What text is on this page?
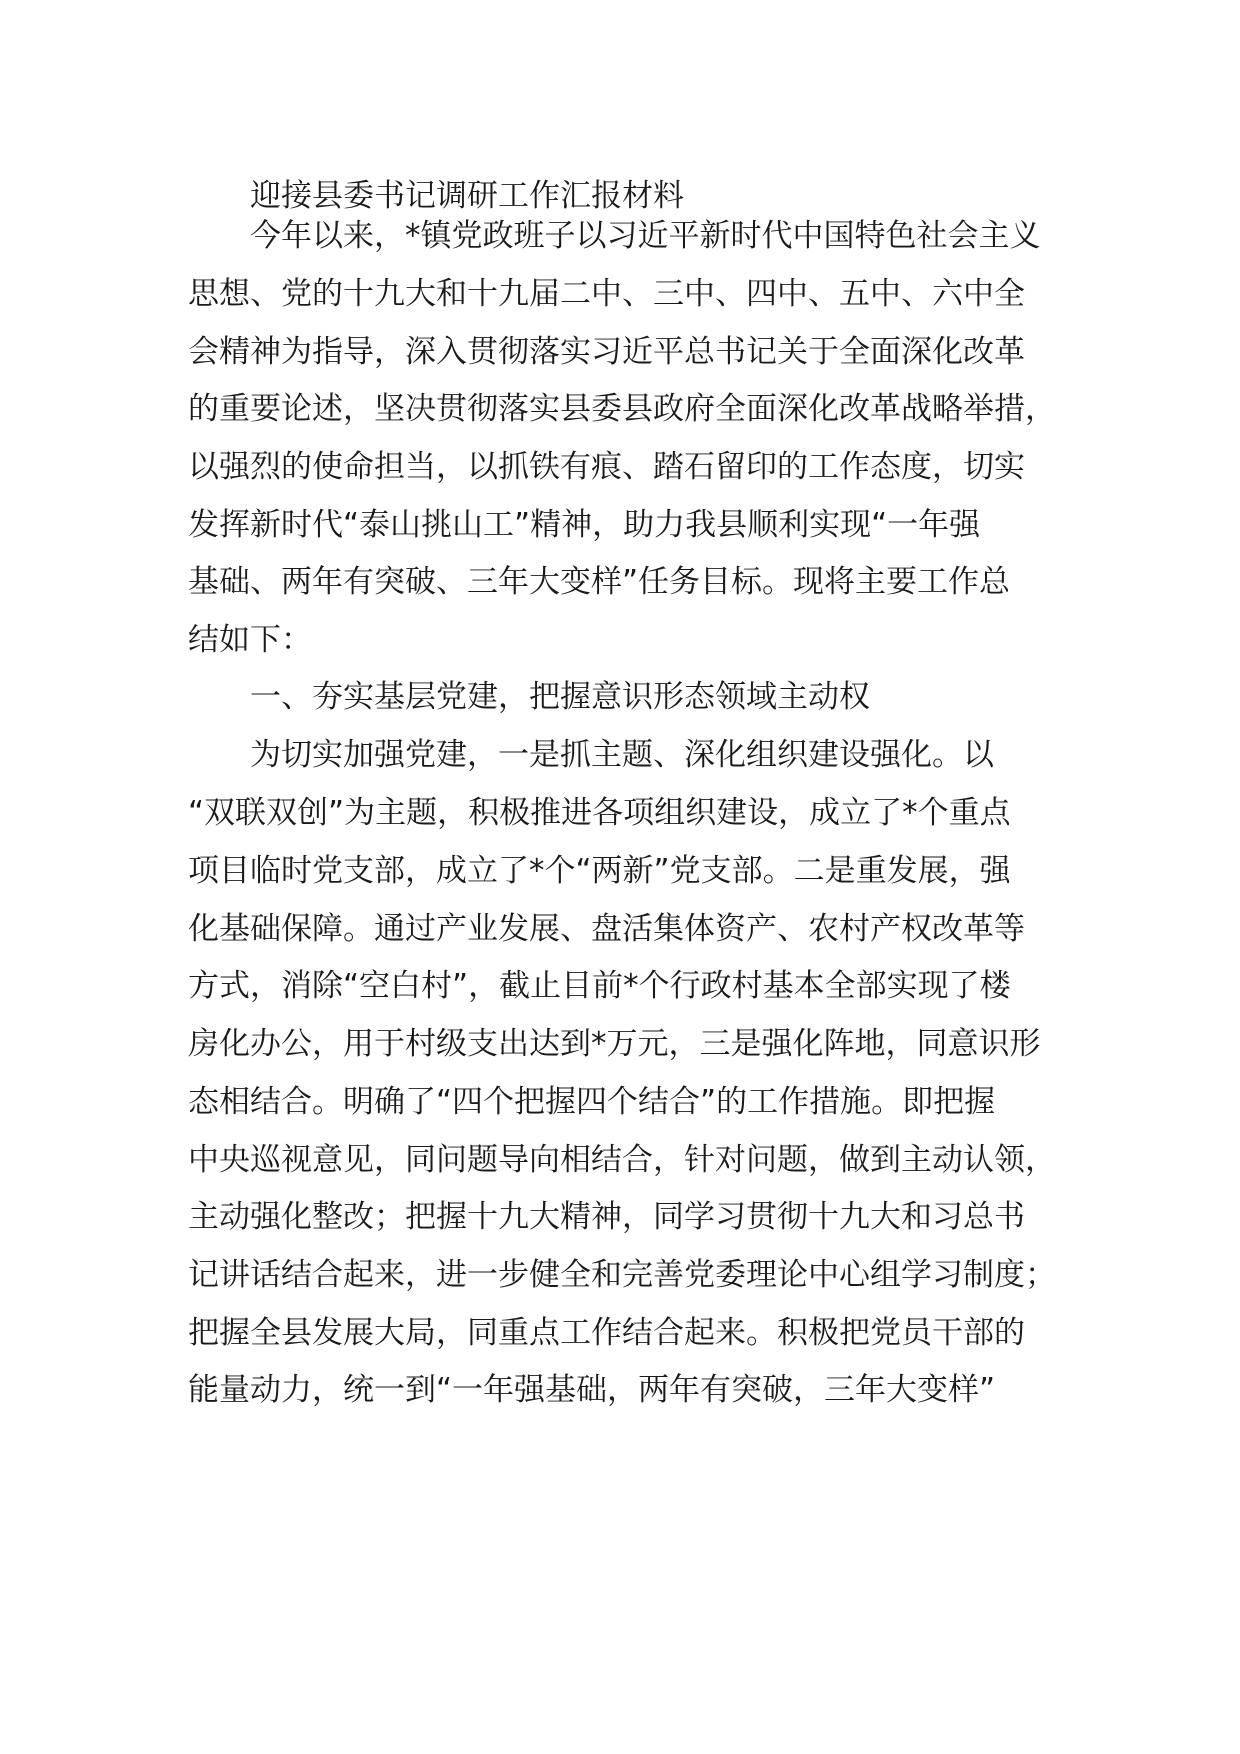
迎接县委书记调研工作汇报材料
今年以来，*镇党政班子以习近平新时代中国特色社会主义
思想、党的十九大和十九届二中、三中、四中、五中、六中全
会精神为指导，深入贯彻落实习近平总书记关于全面深化改革
的重要论述，坚决贯彻落实县委县政府全面深化改革战略举措，
以强烈的使命担当，以抓铁有痕、踏石留印的工作态度，切实
发挥新时代“泰山挑山工”精神，助力我县顺利实现“一年强
基础、两年有突破、三年大变样”任务目标。现将主要工作总
结如下：
一、夯实基层党建，把握意识形态领域主动权
为切实加强党建，一是抓主题、深化组织建设强化。以
“双联双创”为主题，积极推进各项组织建设，成立了*个重点
项目临时党支部，成立了*个“两新”党支部。二是重发展，强
化基础保障。通过产业发展、盘活集体资产、农村产权改革等
方式，消除“空白村”，截止目前*个行政村基本全部实现了楼
房化办公，用于村级支出达到*万元，三是强化阵地，同意识形
态相结合。明确了“四个把握四个结合”的工作措施。即把握
中央巡视意见，同问题导向相结合，针对问题，做到主动认领，
主动强化整改；把握十九大精神，同学习贯彻十九大和习总书
记讲话结合起来，进一步健全和完善党委理论中心组学习制度；
把握全县发展大局，同重点工作结合起来。积极把党员干部的
能量动力，统一到“一年强基础，两年有突破，三年大变样”
